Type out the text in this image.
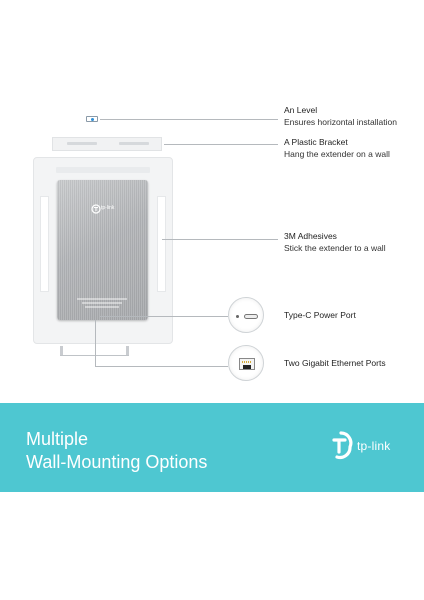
tp-link
An Level
Ensures horizontal installation
A Plastic Bracket
Hang the extender on a wall
3M Adhesives
Stick the extender to a wall
Type-C Power Port
Two Gigabit Ethernet Ports
Multiple
Wall-Mounting Options
tp-link
